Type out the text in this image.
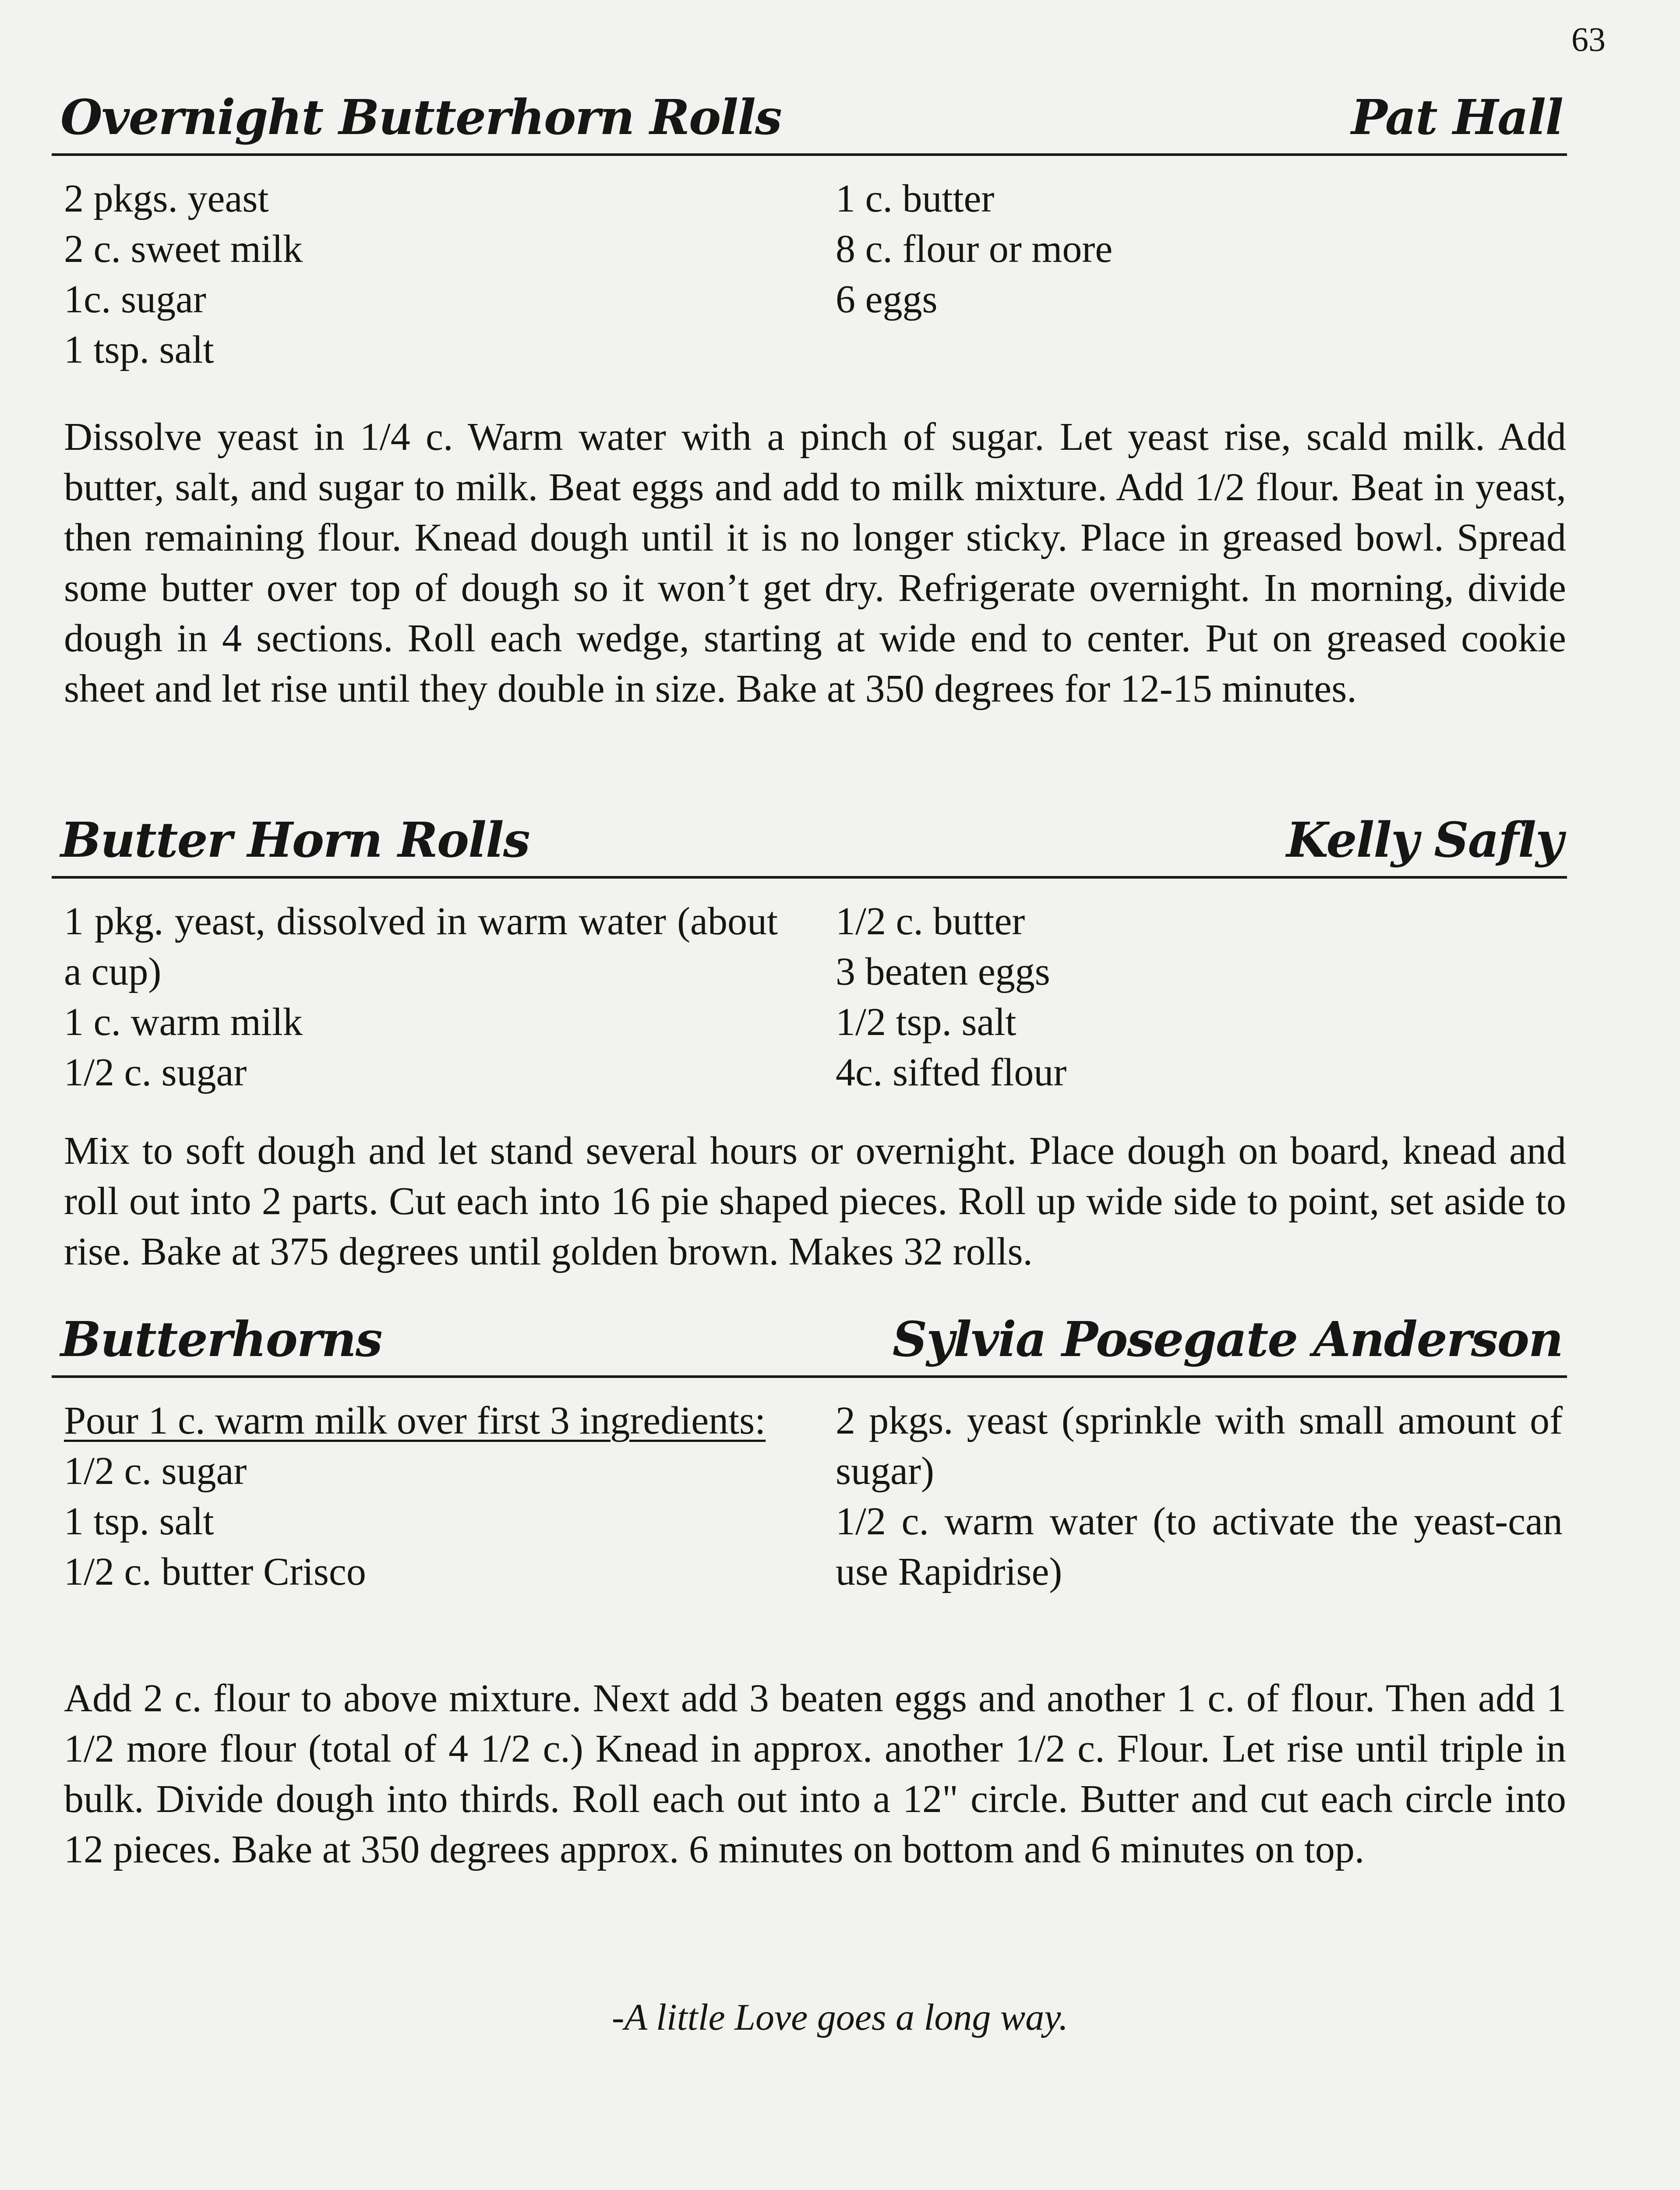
63
Overnight Butterhorn Rolls	Pat Hall
2 pkgs. yeast
2 c. sweet milk
1c. sugar
1 tsp. salt
1 c. butter
8 c. flour or more
6 eggs
Dissolve yeast in 1/4 c. Warm water with a pinch of sugar. Let yeast rise, scald milk. Add butter, salt, and sugar to milk. Beat eggs and add to milk mixture. Add 1/2 flour. Beat in yeast, then remaining flour. Knead dough until it is no longer sticky. Place in greased bowl. Spread some butter over top of dough so it won’t get dry. Refrigerate overnight. In morning, divide dough in 4 sections. Roll each wedge, starting at wide end to center. Put on greased cookie sheet and let rise until they double in size. Bake at 350 degrees for 12-15 minutes.
Butter Horn Rolls	Kelly Safly
1 pkg. yeast, dissolved in warm water (about a cup)
1 c. warm milk
1/2 c. sugar
1/2 c. butter
3 beaten eggs
1/2 tsp. salt
4c. sifted flour
Mix to soft dough and let stand several hours or overnight. Place dough on board, knead and roll out into 2 parts. Cut each into 16 pie shaped pieces. Roll up wide side to point, set aside to rise. Bake at 375 degrees until golden brown. Makes 32 rolls.
Butterhorns	Sylvia Posegate Anderson
Pour 1 c. warm milk over first 3 ingredients:
1/2 c. sugar
1 tsp. salt
1/2 c. butter Crisco
2 pkgs. yeast (sprinkle with small amount of sugar)
1/2 c. warm water (to activate the yeast-can use Rapidrise)
Add 2 c. flour to above mixture. Next add 3 beaten eggs and another 1 c. of flour. Then add 1 1/2 more flour (total of 4 1/2 c.) Knead in approx. another 1/2 c. Flour. Let rise until triple in bulk. Divide dough into thirds. Roll each out into a 12" circle. Butter and cut each circle into 12 pieces. Bake at 350 degrees approx. 6 minutes on bottom and 6 minutes on top.
-A little Love goes a long way.
